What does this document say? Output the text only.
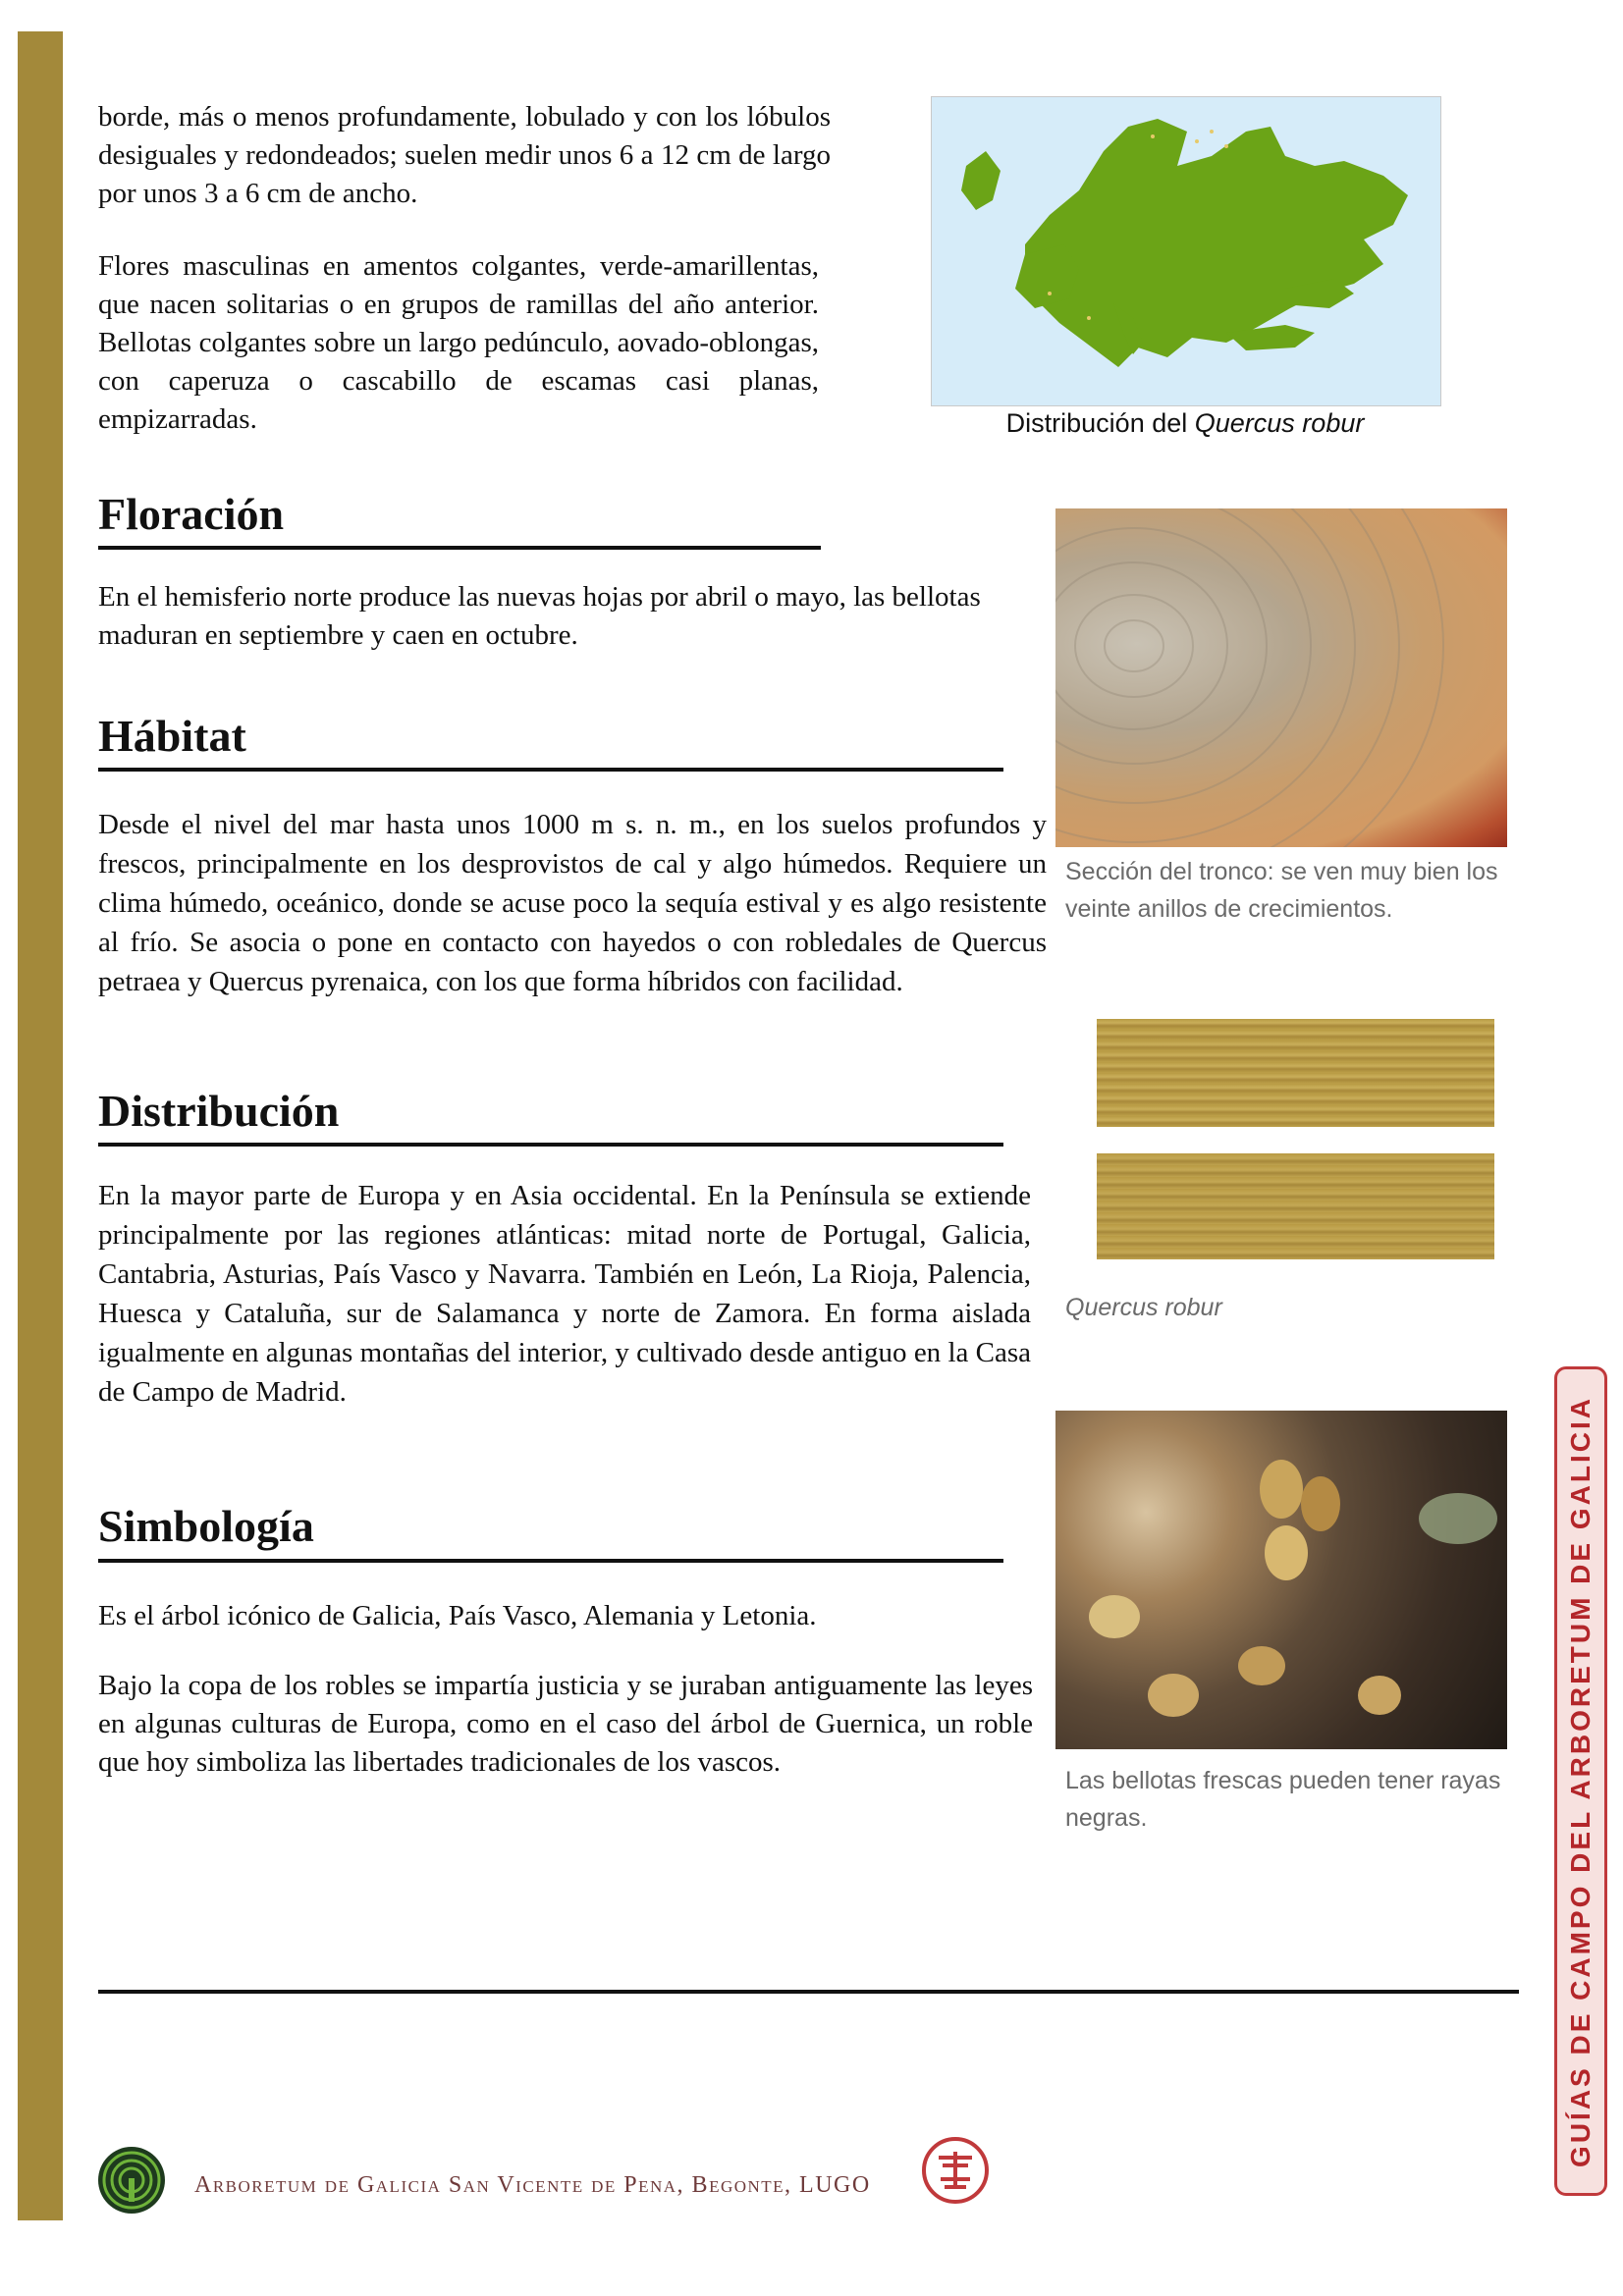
borde, más o menos profundamente, lobulado y con los lóbulos desiguales y redondeados; suelen medir unos 6 a 12 cm de largo por unos 3 a 6 cm de ancho.

Flores masculinas en amentos colgantes, verde-amarillentas, que nacen solitarias o en grupos de ramillas del año anterior. Bellotas colgantes sobre un largo pedúnculo, aovado-oblongas, con caperuza o cascabillo de escamas casi planas, empizarradas.	Distribución del Quercus robur

Floración

En el hemisferio norte produce las nuevas hojas por abril o mayo, las bellotas maduran en septiembre y caen en octubre.

Sección del tronco: se ven muy bien los veinte anillos de crecimientos.

Hábitat

Desde el nivel del mar hasta unos 1000 m s. n. m., en los suelos profundos y frescos, principalmente en los desprovistos de cal y algo húmedos. Requiere un clima húmedo, oceánico, donde se acuse poco la sequía estival y es algo resistente al frío. Se asocia o pone en contacto con hayedos o con robledales de Quercus petraea y Quercus pyrenaica, con los que forma híbridos con facilidad.

Quercus robur

Distribución

En la mayor parte de Europa y en Asia occidental. En la Península se extiende principalmente por las regiones atlánticas: mitad norte de Portugal, Galicia, Cantabria, Asturias, País Vasco y Navarra. También en León, La Rioja, Palencia, Huesca y Cataluña, sur de Salamanca y norte de Zamora. En forma aislada igualmente en algunas montañas del interior, y cultivado desde antiguo en la Casa de Campo de Madrid.

Las bellotas frescas pueden tener rayas negras.

Simbología

Es el árbol icónico de Galicia, País Vasco, Alemania y Letonia.

Bajo la copa de los robles se impartía justicia y se juraban antiguamente las leyes en algunas culturas de Europa, como en el caso del árbol de Guernica, un roble que hoy simboliza las libertades tradicionales de los vascos.	GUÍAS DE CAMPO DEL ARBORETUM DE GALICIA

Arboretum de Galicia San Vicente de Pena, Begonte, LUGO
